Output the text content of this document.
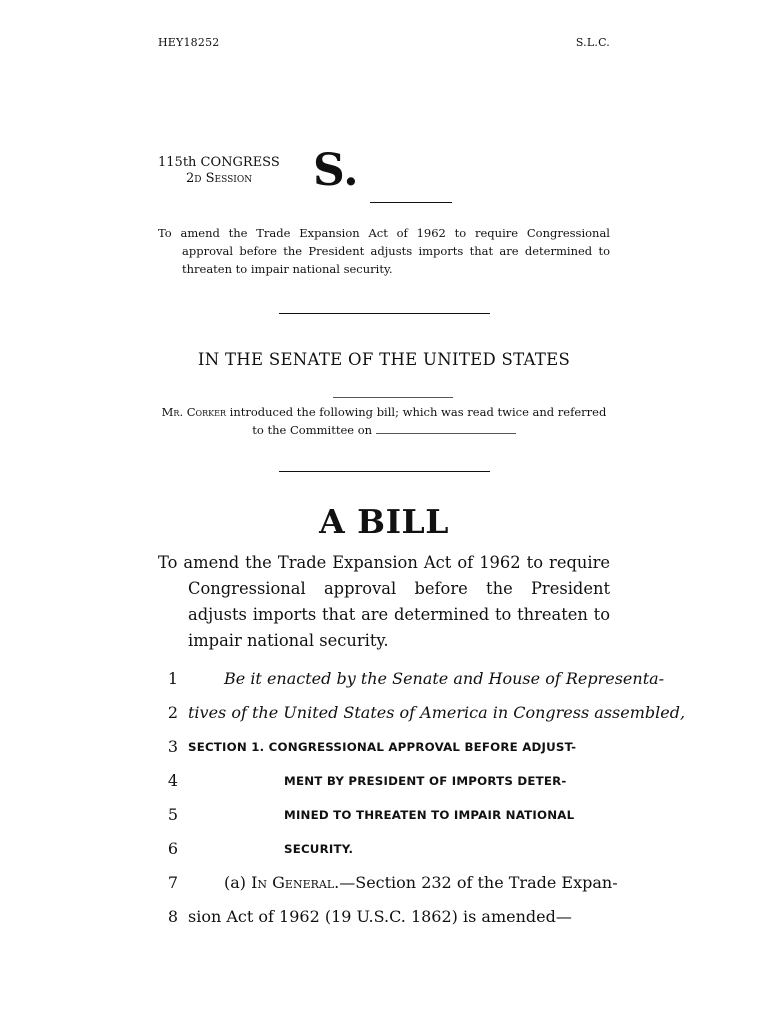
HEY18252	S.L.C.
115th CONGRESS
2d Session	S.
To amend the Trade Expansion Act of 1962 to require Congressional approval before the President adjusts imports that are determined to threaten to impair national security.
IN THE SENATE OF THE UNITED STATES
Mr. Corker introduced the following bill; which was read twice and referred to the Committee on
A BILL
To amend the Trade Expansion Act of 1962 to require Congressional approval before the President adjusts imports that are determined to threaten to impair national security.
1	Be it enacted by the Senate and House of Representa-
2 tives of the United States of America in Congress assembled,
3 SECTION 1. CONGRESSIONAL APPROVAL BEFORE ADJUST-
4	MENT BY PRESIDENT OF IMPORTS DETER-
5	MINED TO THREATEN TO IMPAIR NATIONAL
6	SECURITY.
7	(a) In General.—Section 232 of the Trade Expan-
8 sion Act of 1962 (19 U.S.C. 1862) is amended—
